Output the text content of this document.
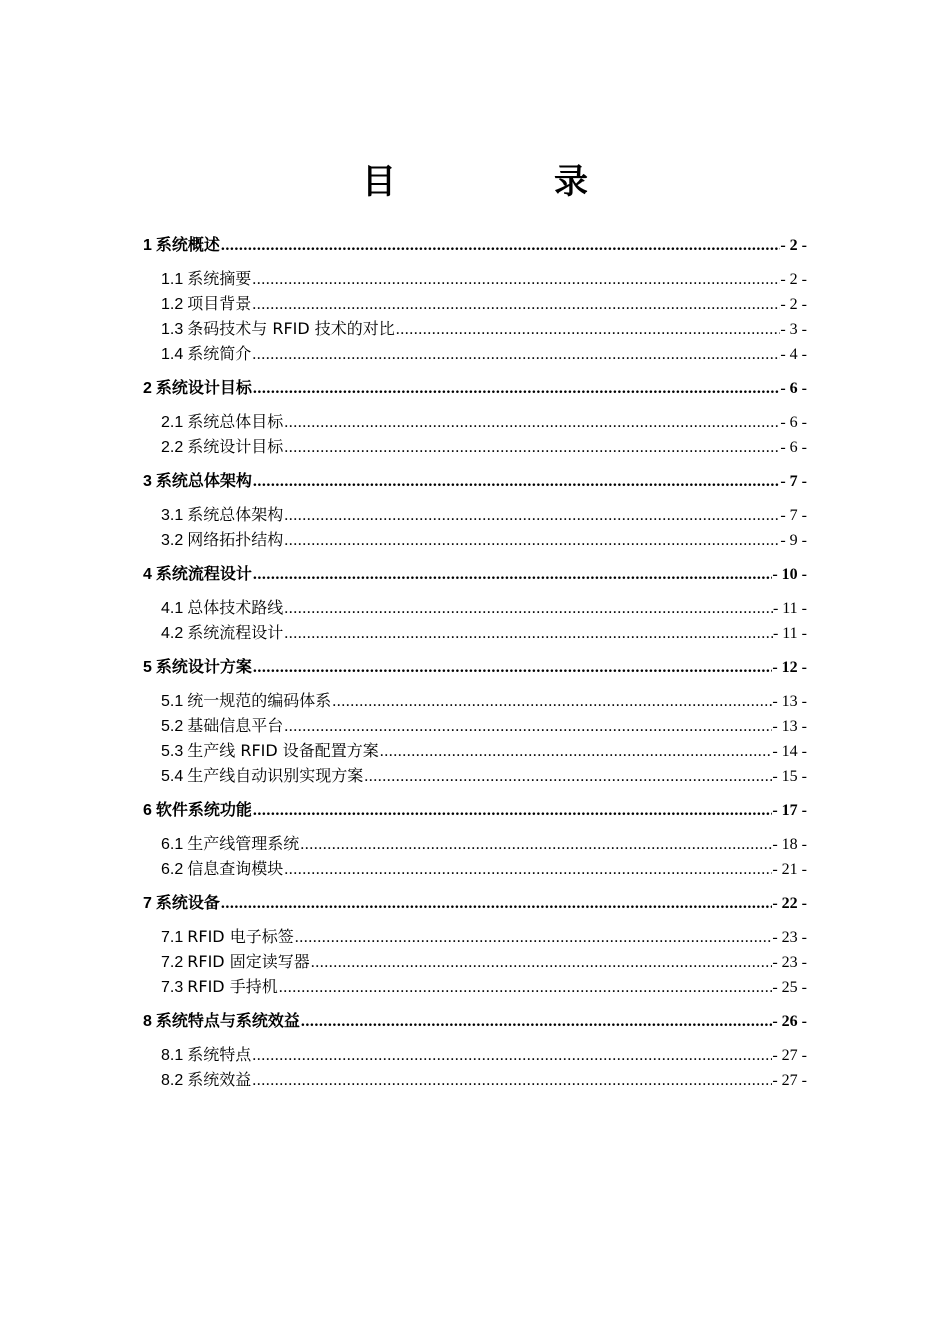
目　录
1 系统概述 .....	- 2 -
1.1 系统摘要 .....	- 2 -
1.2 项目背景 .....	- 2 -
1.3 条码技术与 RFID 技术的对比 .....	- 3 -
1.4 系统简介 .....	- 4 -
2 系统设计目标 .....	- 6 -
2.1 系统总体目标 .....	- 6 -
2.2 系统设计目标 .....	- 6 -
3 系统总体架构 .....	- 7 -
3.1 系统总体架构 .....	- 7 -
3.2 网络拓扑结构 .....	- 9 -
4 系统流程设计 .....	- 10 -
4.1 总体技术路线 .....	- 11 -
4.2 系统流程设计 .....	- 11 -
5 系统设计方案 .....	- 12 -
5.1 统一规范的编码体系 .....	- 13 -
5.2 基础信息平台 .....	- 13 -
5.3 生产线 RFID 设备配置方案 .....	- 14 -
5.4 生产线自动识别实现方案 .....	- 15 -
6 软件系统功能 .....	- 17 -
6.1 生产线管理系统 .....	- 18 -
6.2 信息查询模块 .....	- 21 -
7 系统设备 .....	- 22 -
7.1 RFID 电子标签 .....	- 23 -
7.2 RFID 固定读写器 .....	- 23 -
7.3 RFID 手持机 .....	- 25 -
8 系统特点与系统效益 .....	- 26 -
8.1 系统特点 .....	- 27 -
8.2 系统效益 .....	- 27 -
